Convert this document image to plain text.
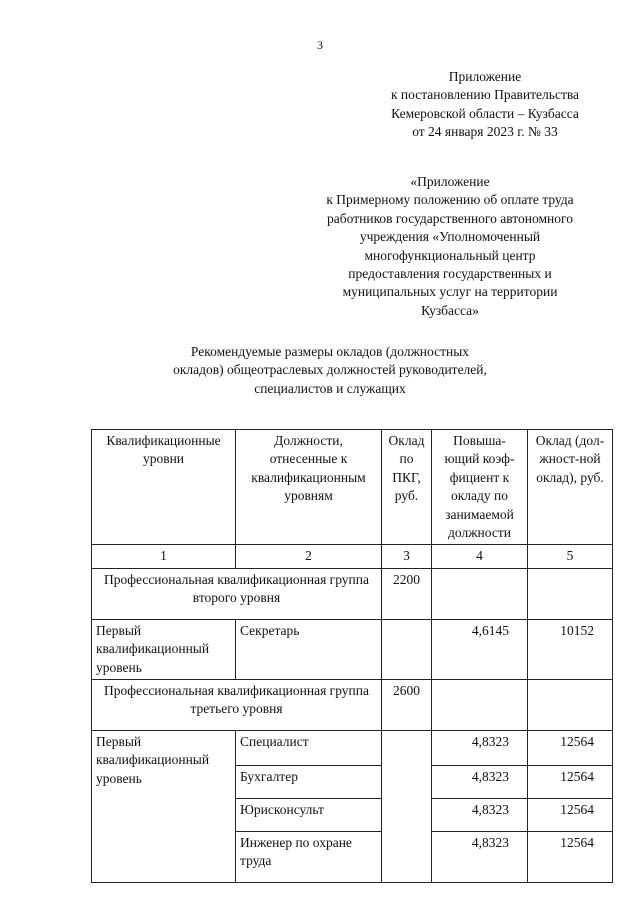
3
Приложение
к постановлению Правительства
Кемеровской области – Кузбасса
от 24 января 2023 г. № 33
«Приложение
к Примерному положению об оплате труда
работников государственного автономного
учреждения «Уполномоченный
многофункциональный центр
предоставления государственных и
муниципальных услуг на территории
Кузбасса»
Рекомендуемые размеры окладов (должностных
окладов) общеотраслевых должностей руководителей,
специалистов и служащих
Квалификационные уровни	Должности, отнесенные к квалификационным уровням	Оклад по ПКГ, руб.	Повыша-ющий коэф-фициент к окладу по занимаемой должности	Оклад (дол-жност-ной оклад), руб.
1	2	3	4	5
Профессиональная квалификационная группа второго уровня		2200		
Первый квалификационный уровень	Секретарь		4,6145	10152
Профессиональная квалификационная группа третьего уровня		2600		
Первый квалификационный уровень	Специалист		4,8323	12564
	Бухгалтер		4,8323	12564
	Юрисконсульт		4,8323	12564
	Инженер по охране труда		4,8323	12564
